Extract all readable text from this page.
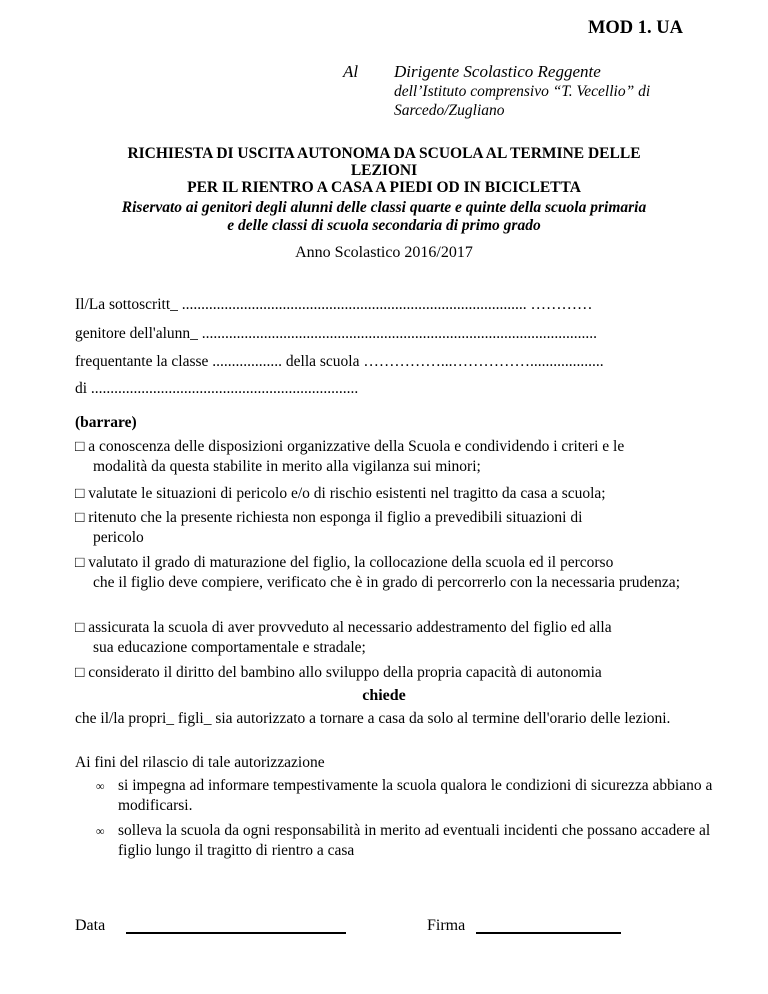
MOD 1. UA
Al Dirigente Scolastico Reggente
dell’Istituto comprensivo “T. Vecellio” di
Sarcedo/Zugliano
RICHIESTA DI USCITA AUTONOMA DA SCUOLA AL TERMINE DELLE
LEZIONI
PER IL RIENTRO A CASA A PIEDI OD IN BICICLETTA
Riservato ai genitori degli alunni delle classi quarte e quinte della scuola primaria
e delle classi di scuola secondaria di primo grado
Anno Scolastico 2016/2017
Il/La sottoscritt_ ......................................................................................... …………
genitore dell'alunn_ ......................................................................................................
frequentante la classe .................. della scuola ……………...……………...................
di .....................................................................
(barrare)
□ a conoscenza delle disposizioni organizzative della Scuola e condividendo i criteri e le
modalità da questa stabilite in merito alla vigilanza sui minori;
□ valutate le situazioni di pericolo e/o di rischio esistenti nel tragitto da casa a scuola;
□ ritenuto che la presente richiesta non esponga il figlio a prevedibili situazioni di
pericolo
□ valutato il grado di maturazione del figlio, la collocazione della scuola ed il percorso
che il figlio deve compiere, verificato che è in grado di percorrerlo con la necessaria prudenza;
□ assicurata la scuola di aver provveduto al necessario addestramento del figlio ed alla
sua educazione comportamentale e stradale;
□ considerato il diritto del bambino allo sviluppo della propria capacità di autonomia
chiede
che il/la propri_ figli_ sia autorizzato a tornare a casa da solo al termine dell'orario delle lezioni.
Ai fini del rilascio di tale autorizzazione
∞ si impegna ad informare tempestivamente la scuola qualora le condizioni di sicurezza abbiano a modificarsi.
∞ solleva la scuola da ogni responsabilità in merito ad eventuali incidenti che possano accadere al figlio lungo il tragitto di rientro a casa
Data	Firma
